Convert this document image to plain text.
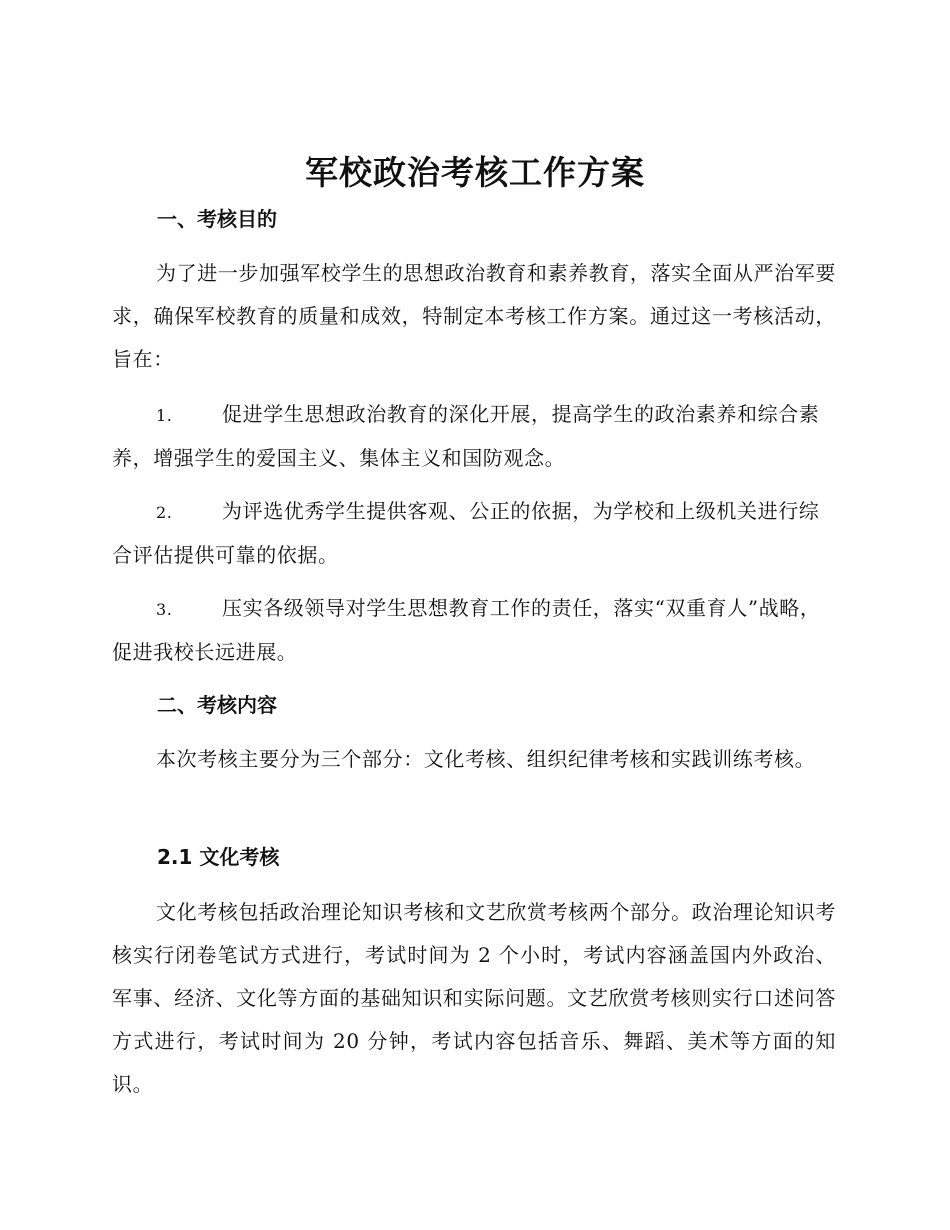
军校政治考核工作方案
一、考核目的

为了进一步加强军校学生的思想政治教育和素养教育，落实全面从严治军要求，确保军校教育的质量和成效，特制定本考核工作方案。通过这一考核活动，旨在：

1. 促进学生思想政治教育的深化开展，提高学生的政治素养和综合素养，增强学生的爱国主义、集体主义和国防观念。

2. 为评选优秀学生提供客观、公正的依据，为学校和上级机关进行综合评估提供可靠的依据。

3. 压实各级领导对学生思想教育工作的责任，落实“双重育人”战略，促进我校长远进展。

二、考核内容

本次考核主要分为三个部分：文化考核、组织纪律考核和实践训练考核。

2.1 文化考核

文化考核包括政治理论知识考核和文艺欣赏考核两个部分。政治理论知识考核实行闭卷笔试方式进行，考试时间为 2 个小时，考试内容涵盖国内外政治、军事、经济、文化等方面的基础知识和实际问题。文艺欣赏考核则实行口述问答方式进行，考试时间为 20 分钟，考试内容包括音乐、舞蹈、美术等方面的知识。
